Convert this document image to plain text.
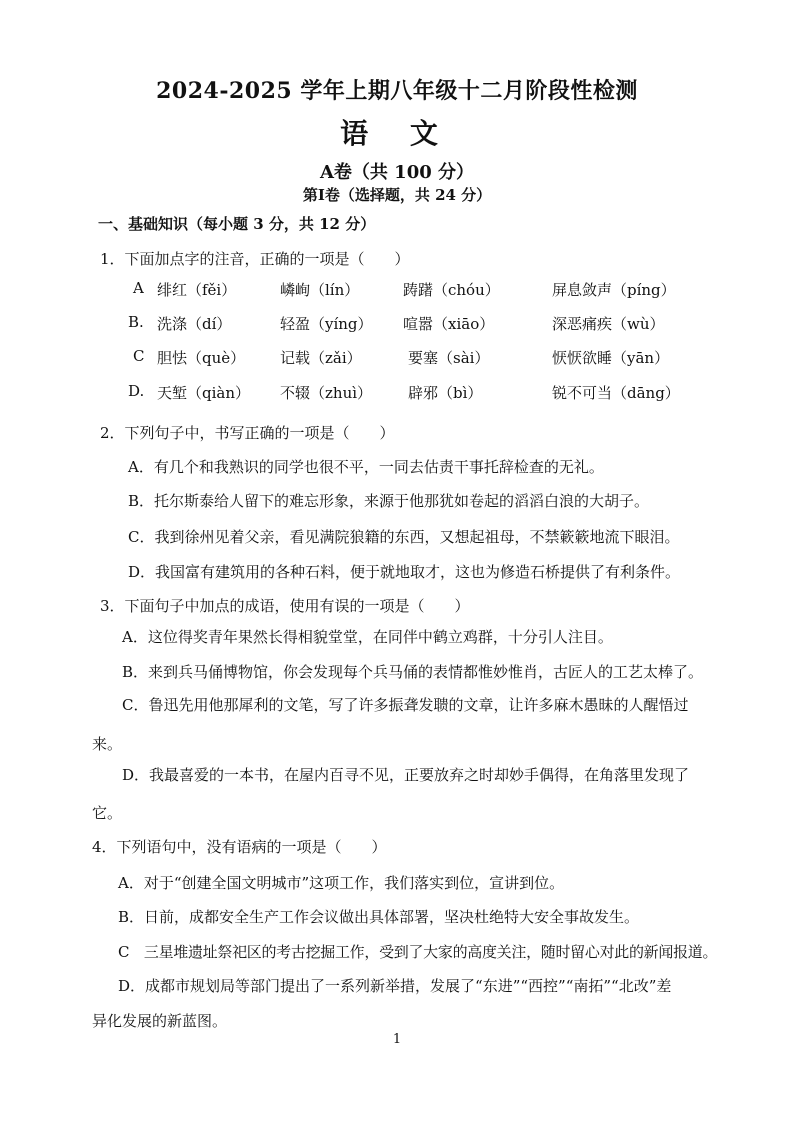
2024-2025 学年上期八年级十二月阶段性检测
语 文
A卷（共 100 分）
第Ⅰ卷（选择题，共 24 分）
一、基础知识（每小题 3 分，共 12 分）
1．下面加点字的注音，正确的一项是（　　）
A 绯红（fěi）	嶙峋（lín）	踌躇（chóu）	屏息敛声（píng）
B. 洗涤（dí）	轻盈（yíng） 喧嚣（xiāo）	深恶痛疾（wù）
C 胆怯（què） 记载（zǎi）	要塞（sài）	恹恹欲睡（yān）
D. 天堑（qiàn） 不辍（zhuì） 辟邪（bì）	锐不可当（dāng）
2．下列句子中，书写正确的一项是（　　）
A．有几个和我熟识的同学也很不平，一同去估责干事托辞检查的无礼。
B．托尔斯泰给人留下的难忘形象，来源于他那犹如卷起的滔滔白浪的大胡子。
C．我到徐州见着父亲，看见满院狼籍的东西，又想起祖母，不禁簌簌地流下眼泪。
D．我国富有建筑用的各种石料，便于就地取才，这也为修造石桥提供了有利条件。
3．下面句子中加点的成语，使用有误的一项是（　　）
A．这位得奖青年果然长得相貌堂堂，在同伴中鹤立鸡群，十分引人注目。
B．来到兵马俑博物馆，你会发现每个兵马俑的表情都惟妙惟肖，古匠人的工艺太棒了。
C．鲁迅先用他那犀利的文笔，写了许多振聋发聩的文章，让许多麻木愚昧的人醒悟过
来。
D．我最喜爱的一本书，在屋内百寻不见，正要放弃之时却妙手偶得，在角落里发现了
它。
4．下列语句中，没有语病的一项是（　　）
A．对于“创建全国文明城市”这项工作，我们落实到位，宣讲到位。
B．日前，成都安全生产工作会议做出具体部署，坚决杜绝特大安全事故发生。
C　三星堆遗址祭祀区的考古挖掘工作，受到了大家的高度关注，随时留心对此的新闻报道。
D．成都市规划局等部门提出了一系列新举措，发展了“东进”“西控”“南拓”“北改”差
异化发展的新蓝图。
1
